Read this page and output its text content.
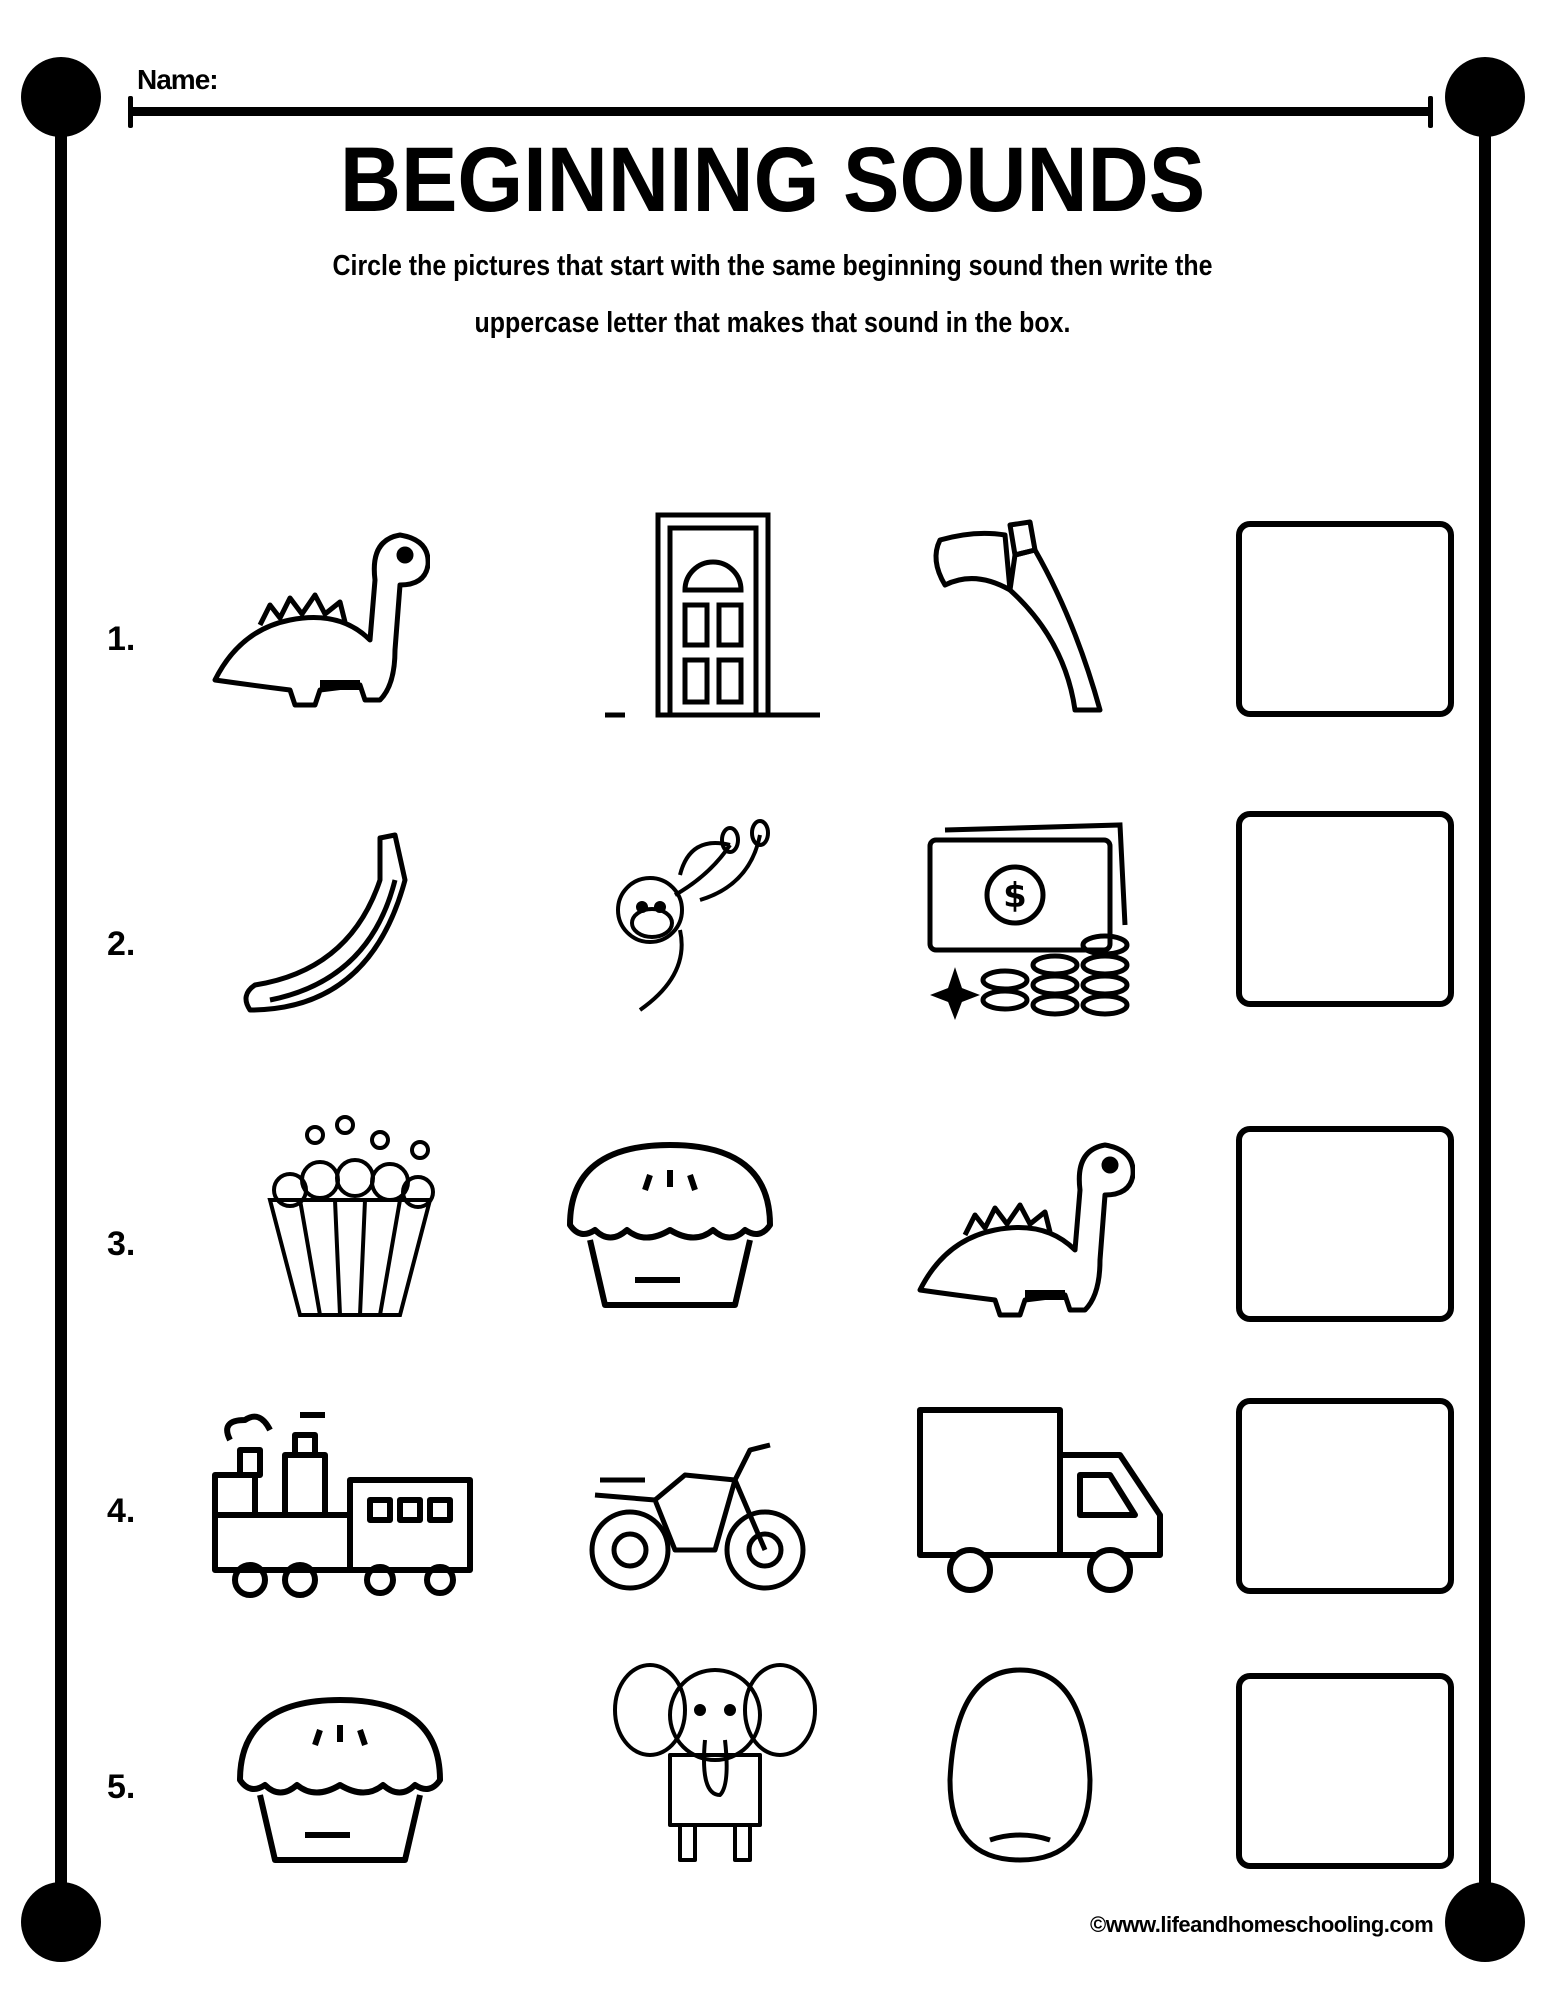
Name:
BEGINNING SOUNDS
Circle the pictures that start with the same beginning sound then write the
uppercase letter that makes that sound in the box.
1.
2.
$
3.
4.
5.
©www.lifeandhomeschooling.com
